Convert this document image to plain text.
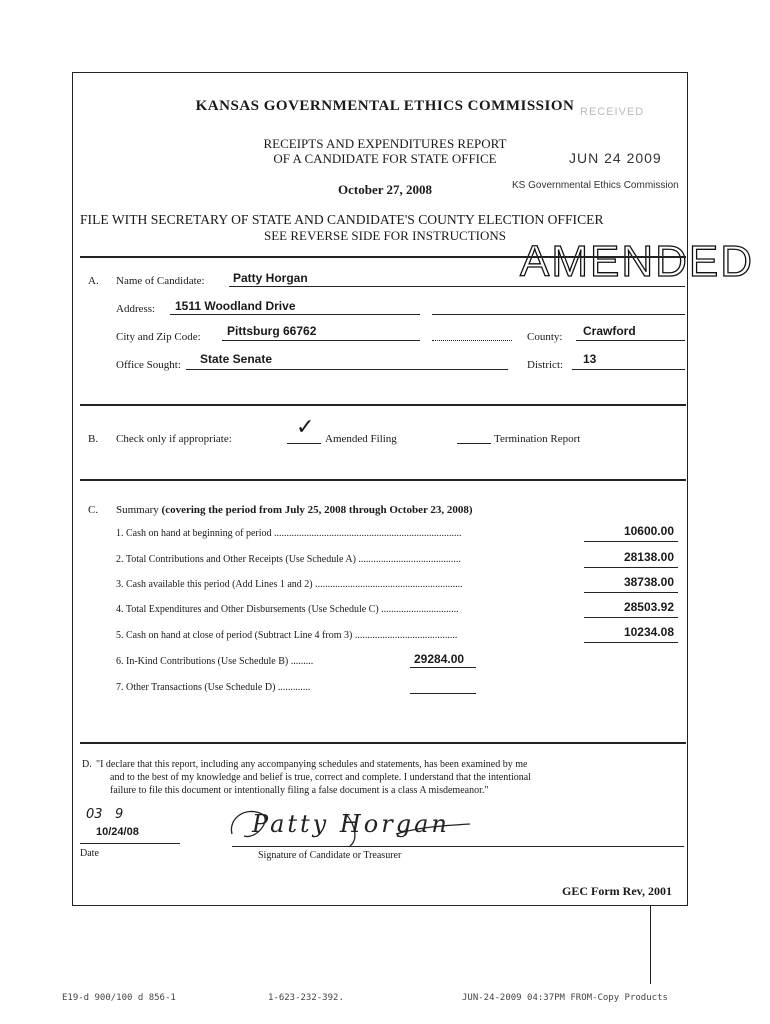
KANSAS GOVERNMENTAL ETHICS COMMISSION
RECEIPTS AND EXPENDITURES REPORT
OF A CANDIDATE FOR STATE OFFICE
October 27, 2008
FILE WITH SECRETARY OF STATE AND CANDIDATE'S COUNTY ELECTION OFFICER
SEE REVERSE SIDE FOR INSTRUCTIONS
RECEIVED
JUN 24 2009
KS Governmental Ethics Commission
AMENDED
A. Name of Candidate: Patty Horgan
Address: 1511 Woodland Drive
City and Zip Code: Pittsburg 66762	County: Crawford
Office Sought: State Senate	District: 13
B. Check only if appropriate:	✓ Amended Filing	Termination Report
C. Summary (covering the period from July 25, 2008 through October 23, 2008)
1. Cash on hand at beginning of period ...........................................................................	10600.00
2. Total Contributions and Other Receipts (Use Schedule A) .........................................	28138.00
3. Cash available this period (Add Lines 1 and 2) ...........................................................	38738.00
4. Total Expenditures and Other Disbursements (Use Schedule C) ...............................	28503.92
5. Cash on hand at close of period (Subtract Line 4 from 3) .........................................	10234.08
6. In-Kind Contributions (Use Schedule B) .........	29284.00
7. Other Transactions (Use Schedule D) .............
D. "I declare that this report, including any accompanying schedules and statements, has been examined by me
and to the best of my knowledge and belief is true, correct and complete. I understand that the intentional
failure to file this document or intentionally filing a false document is a class A misdemeanor."
03   9
10/24/08
Date
Patty Horgan
Signature of Candidate or Treasurer
GEC Form Rev, 2001
E19-d 900/100 d 856-1	1-623-232-392.	JUN-24-2009 04:37PM FROM-Copy Products
